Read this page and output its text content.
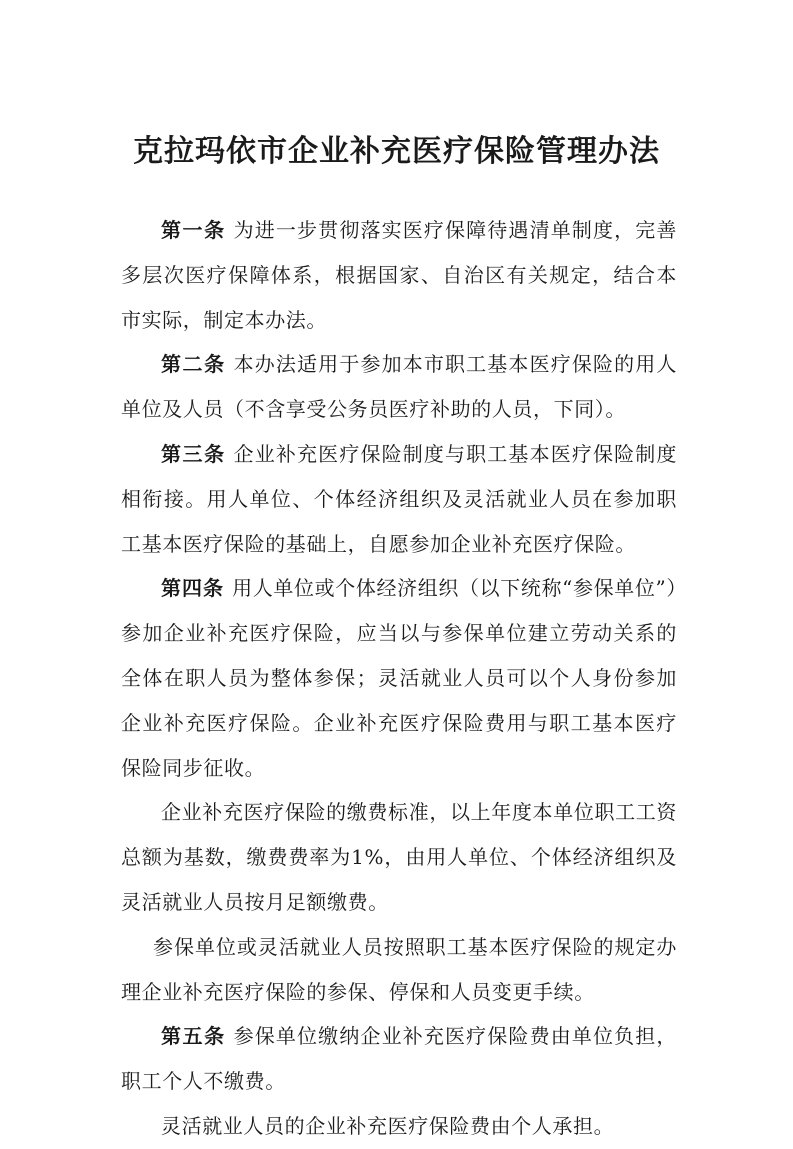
克拉玛依市企业补充医疗保险管理办法

第一条 为进一步贯彻落实医疗保障待遇清单制度，完善多层次医疗保障体系，根据国家、自治区有关规定，结合本市实际，制定本办法。

第二条 本办法适用于参加本市职工基本医疗保险的用人单位及人员（不含享受公务员医疗补助的人员，下同）。

第三条 企业补充医疗保险制度与职工基本医疗保险制度相衔接。用人单位、个体经济组织及灵活就业人员在参加职工基本医疗保险的基础上，自愿参加企业补充医疗保险。

第四条 用人单位或个体经济组织（以下统称“参保单位”）参加企业补充医疗保险，应当以与参保单位建立劳动关系的全体在职人员为整体参保；灵活就业人员可以个人身份参加企业补充医疗保险。企业补充医疗保险费用与职工基本医疗保险同步征收。

企业补充医疗保险的缴费标准，以上年度本单位职工工资总额为基数，缴费费率为1%，由用人单位、个体经济组织及灵活就业人员按月足额缴费。

参保单位或灵活就业人员按照职工基本医疗保险的规定办理企业补充医疗保险的参保、停保和人员变更手续。

第五条 参保单位缴纳企业补充医疗保险费由单位负担，职工个人不缴费。

灵活就业人员的企业补充医疗保险费由个人承担。
